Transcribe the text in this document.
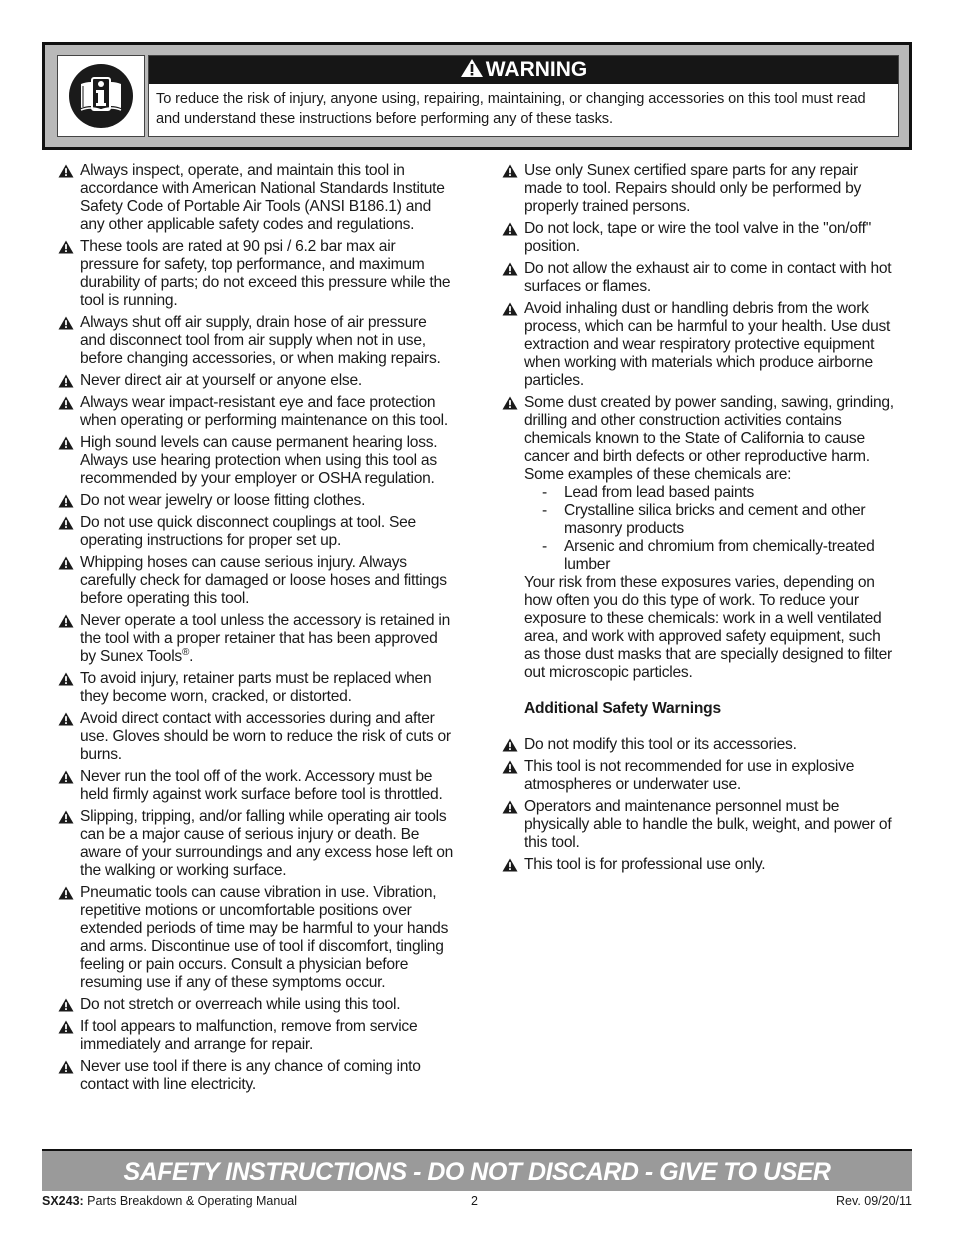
WARNING
To reduce the risk of injury, anyone using, repairing, maintaining, or changing accessories on this tool must read and understand these instructions before performing any of these tasks.
Always inspect, operate, and maintain this tool in accordance with American National Standards Institute Safety Code of Portable Air Tools (ANSI B186.1) and any other applicable safety codes and regulations.
These tools are rated at 90 psi / 6.2 bar max air pressure for safety, top performance, and maximum durability of parts; do not exceed this pressure while the tool is running.
Always shut off air supply, drain hose of air pressure and disconnect tool from air supply when not in use, before changing accessories, or when making repairs.
Never direct air at yourself or anyone else.
Always wear impact-resistant eye and face protection when operating or performing maintenance on this tool.
High sound levels can cause permanent hearing loss. Always use hearing protection when using this tool as recommended by your employer or OSHA regulation.
Do not wear jewelry or loose fitting clothes.
Do not use quick disconnect couplings at tool. See operating instructions for proper set up.
Whipping hoses can cause serious injury. Always carefully check for damaged or loose hoses and fittings before operating this tool.
Never operate a tool unless the accessory is retained in the tool with a proper retainer that has been approved by Sunex Tools®.
To avoid injury, retainer parts must be replaced when they become worn, cracked, or distorted.
Avoid direct contact with accessories during and after use. Gloves should be worn to reduce the risk of cuts or burns.
Never run the tool off of the work. Accessory must be held firmly against work surface before tool is throttled.
Slipping, tripping, and/or falling while operating air tools can be a major cause of serious injury or death. Be aware of your surroundings and any excess hose left on the walking or working surface.
Pneumatic tools can cause vibration in use. Vibration, repetitive motions or uncomfortable positions over extended periods of time may be harmful to your hands and arms. Discontinue use of tool if discomfort, tingling feeling or pain occurs. Consult a physician before resuming use if any of these symptoms occur.
Do not stretch or overreach while using this tool.
If tool appears to malfunction, remove from service immediately and arrange for repair.
Never use tool if there is any chance of coming into contact with line electricity.
Use only Sunex certified spare parts for any repair made to tool. Repairs should only be performed by properly trained persons.
Do not lock, tape or wire the tool valve in the "on/off" position.
Do not allow the exhaust air to come in contact with hot surfaces or flames.
Avoid inhaling dust or handling debris from the work process, which can be harmful to your health. Use dust extraction and wear respiratory protective equipment when working with materials which produce airborne particles.
Some dust created by power sanding, sawing, grinding, drilling and other construction activities contains chemicals known to the State of California to cause cancer and birth defects or other reproductive harm. Some examples of these chemicals are:
- Lead from lead based paints
- Crystalline silica bricks and cement and other masonry products
- Arsenic and chromium from chemically-treated lumber
Your risk from these exposures varies, depending on how often you do this type of work. To reduce your exposure to these chemicals: work in a well ventilated area, and work with approved safety equipment, such as those dust masks that are specially designed to filter out microscopic particles.
Additional Safety Warnings
Do not modify this tool or its accessories.
This tool is not recommended for use in explosive atmospheres or underwater use.
Operators and maintenance personnel must be physically able to handle the bulk, weight, and power of this tool.
This tool is for professional use only.
SAFETY INSTRUCTIONS - DO NOT DISCARD - GIVE TO USER
SX243: Parts Breakdown & Operating Manual	2	Rev. 09/20/11
